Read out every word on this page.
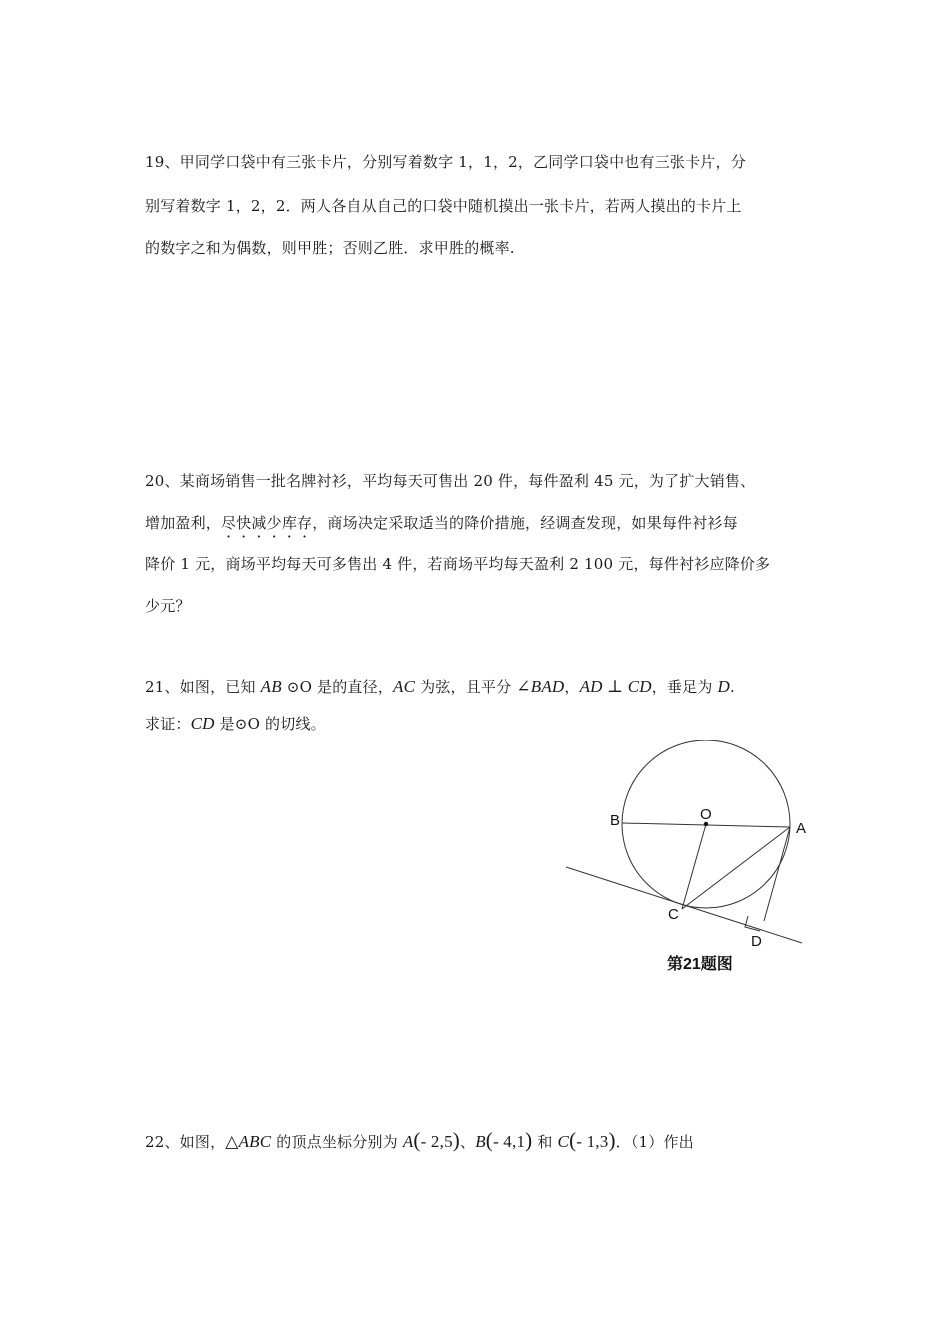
19、甲同学口袋中有三张卡片，分别写着数字 1，1，2，乙同学口袋中也有三张卡片，分
别写着数字 1，2，2．两人各自从自己的口袋中随机摸出一张卡片，若两人摸出的卡片上
的数字之和为偶数，则甲胜；否则乙胜．求甲胜的概率.
20、某商场销售一批名牌衬衫，平均每天可售出 20 件，每件盈利 45 元，为了扩大销售、
增加盈利，尽快减少库存，商场决定采取适当的降价措施，经调查发现，如果每件衬衫每
降价 1 元，商场平均每天可多售出 4 件，若商场平均每天盈利 2 100 元，每件衬衫应降价多
少元？
21、如图，已知 AB ⊙O 是的直径，AC 为弦，且平分 ∠BAD，AD ⊥ CD，垂足为 D.
求证：CD 是⊙O 的切线。
O
A
B
C
D
第21题图
22、如图，△ABC 的顶点坐标分别为 A(- 2,5)、B(- 4,1) 和 C(- 1,3)．（1）作出
